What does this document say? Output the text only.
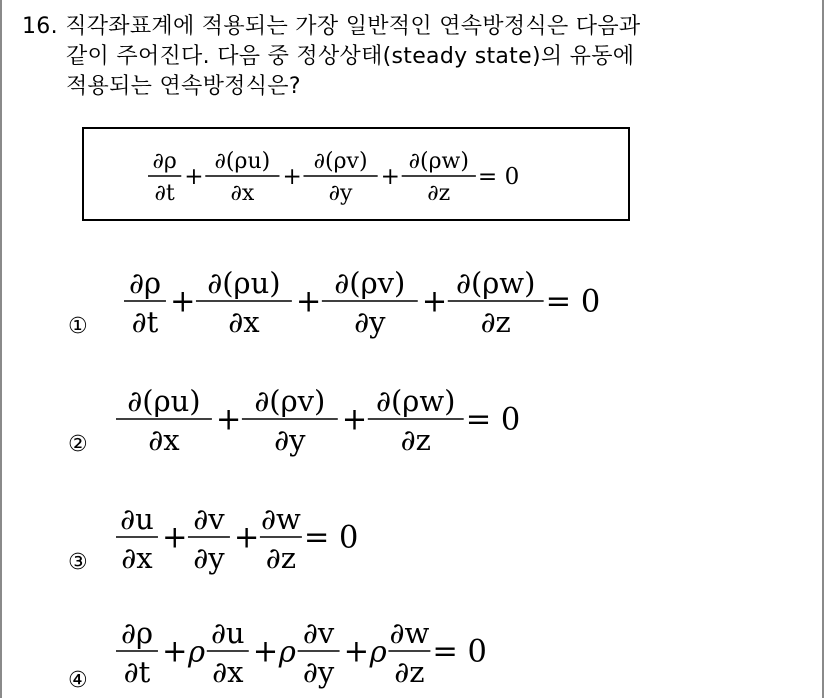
16. 직각좌표계에 적용되는 가장 일반적인 연속방정식은 다음과
같이 주어진다. 다음 중 정상상태(steady state)의 유동에
적용되는 연속방정식은?
∂ρ
∂t
+
∂(ρu)
∂x
+
∂(ρv)
∂y
+
∂(ρw)
∂z
= 0
①
∂ρ
∂t
+
∂(ρu)
∂x
+
∂(ρv)
∂y
+
∂(ρw)
∂z
= 0
②
∂(ρu)
∂x
+
∂(ρv)
∂y
+
∂(ρw)
∂z
= 0
③
∂u
∂x
+
∂v
∂y
+
∂w
∂z
= 0
④
∂ρ
∂t
+ ρ
∂u
∂x
+ ρ
∂v
∂y
+ ρ
∂w
∂z
= 0
